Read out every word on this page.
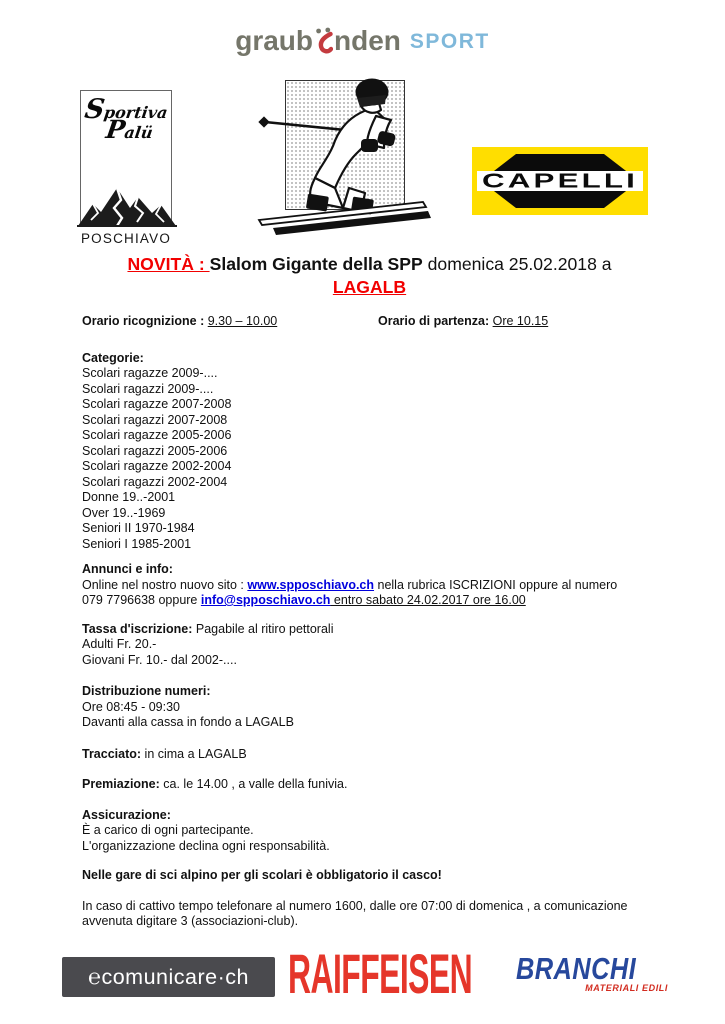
graub nden SPORT
Sportiva
Palü
POSCHIAVO
CAPELLI
NOVITÀ : Slalom Gigante della SPP domenica 25.02.2018 a
LAGALB
Orario ricognizione : 9.30 – 10.00	Orario di partenza: Ore 10.15
Categorie:
Scolari ragazze 2009-....
Scolari ragazzi 2009-....
Scolari ragazze 2007-2008
Scolari ragazzi 2007-2008
Scolari ragazze 2005-2006
Scolari ragazzi 2005-2006
Scolari ragazze 2002-2004
Scolari ragazzi 2002-2004
Donne 19..-2001
Over 19..-1969
Seniori II 1970-1984
Seniori I 1985-2001
Annunci e info:
Online nel nostro nuovo sito : www.spposchiavo.ch nella rubrica ISCRIZIONI oppure al numero
079 7796638 oppure info@spposchiavo.ch entro sabato 24.02.2017 ore 16.00
Tassa d'iscrizione: Pagabile al ritiro pettorali
Adulti Fr. 20.-
Giovani Fr. 10.- dal 2002-....
Distribuzione numeri:
Ore 08:45 - 09:30
Davanti alla cassa in fondo a LAGALB
Tracciato: in cima a LAGALB
Premiazione: ca. le 14.00 , a valle della funivia.
Assicurazione:
È a carico di ogni partecipante.
L'organizzazione declina ogni responsabilità.
Nelle gare di sci alpino per gli scolari è obbligatorio il casco!
In caso di cattivo tempo telefonare al numero 1600, dalle ore 07:00 di domenica , a comunicazione
avvenuta digitare 3 (associazioni-club).
℮comunicare·ch RAIFFEISEN	BRANCHI
MATERIALI EDILI
